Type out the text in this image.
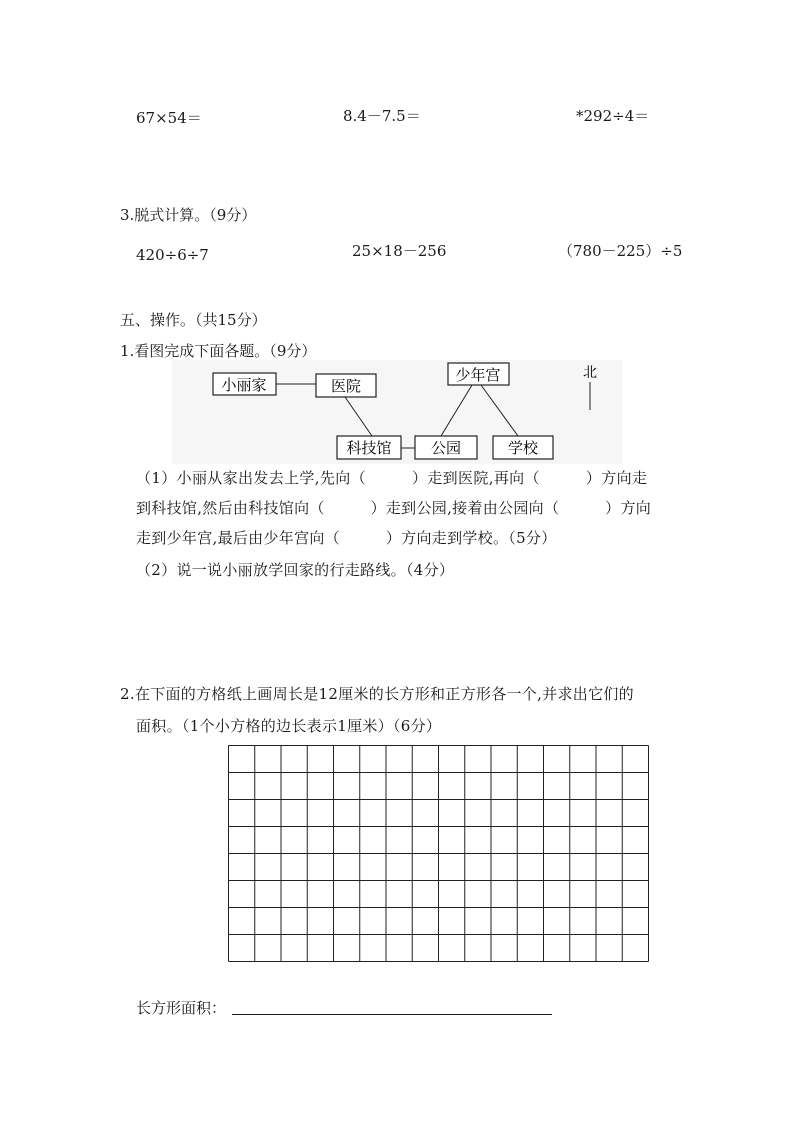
67×54＝	8.4－7.5＝	*292÷4＝
3.脱式计算。（9分）
420÷6÷7	25×18－256	（780－225）÷5
五、操作。（共15分）
1.看图完成下面各题。（9分）
小丽家	医院
少年宫
科技馆	公园	学校
北
（1）小丽从家出发去上学,先向（　　　）走到医院,再向（　　　）方向走
到科技馆,然后由科技馆向（　　　）走到公园,接着由公园向（　　　）方向
走到少年宫,最后由少年宫向（　　　）方向走到学校。（5分）
（2）说一说小丽放学回家的行走路线。（4分）
2.在下面的方格纸上画周长是12厘米的长方形和正方形各一个,并求出它们的
面积。（1个小方格的边长表示1厘米）（6分）
长方形面积：
